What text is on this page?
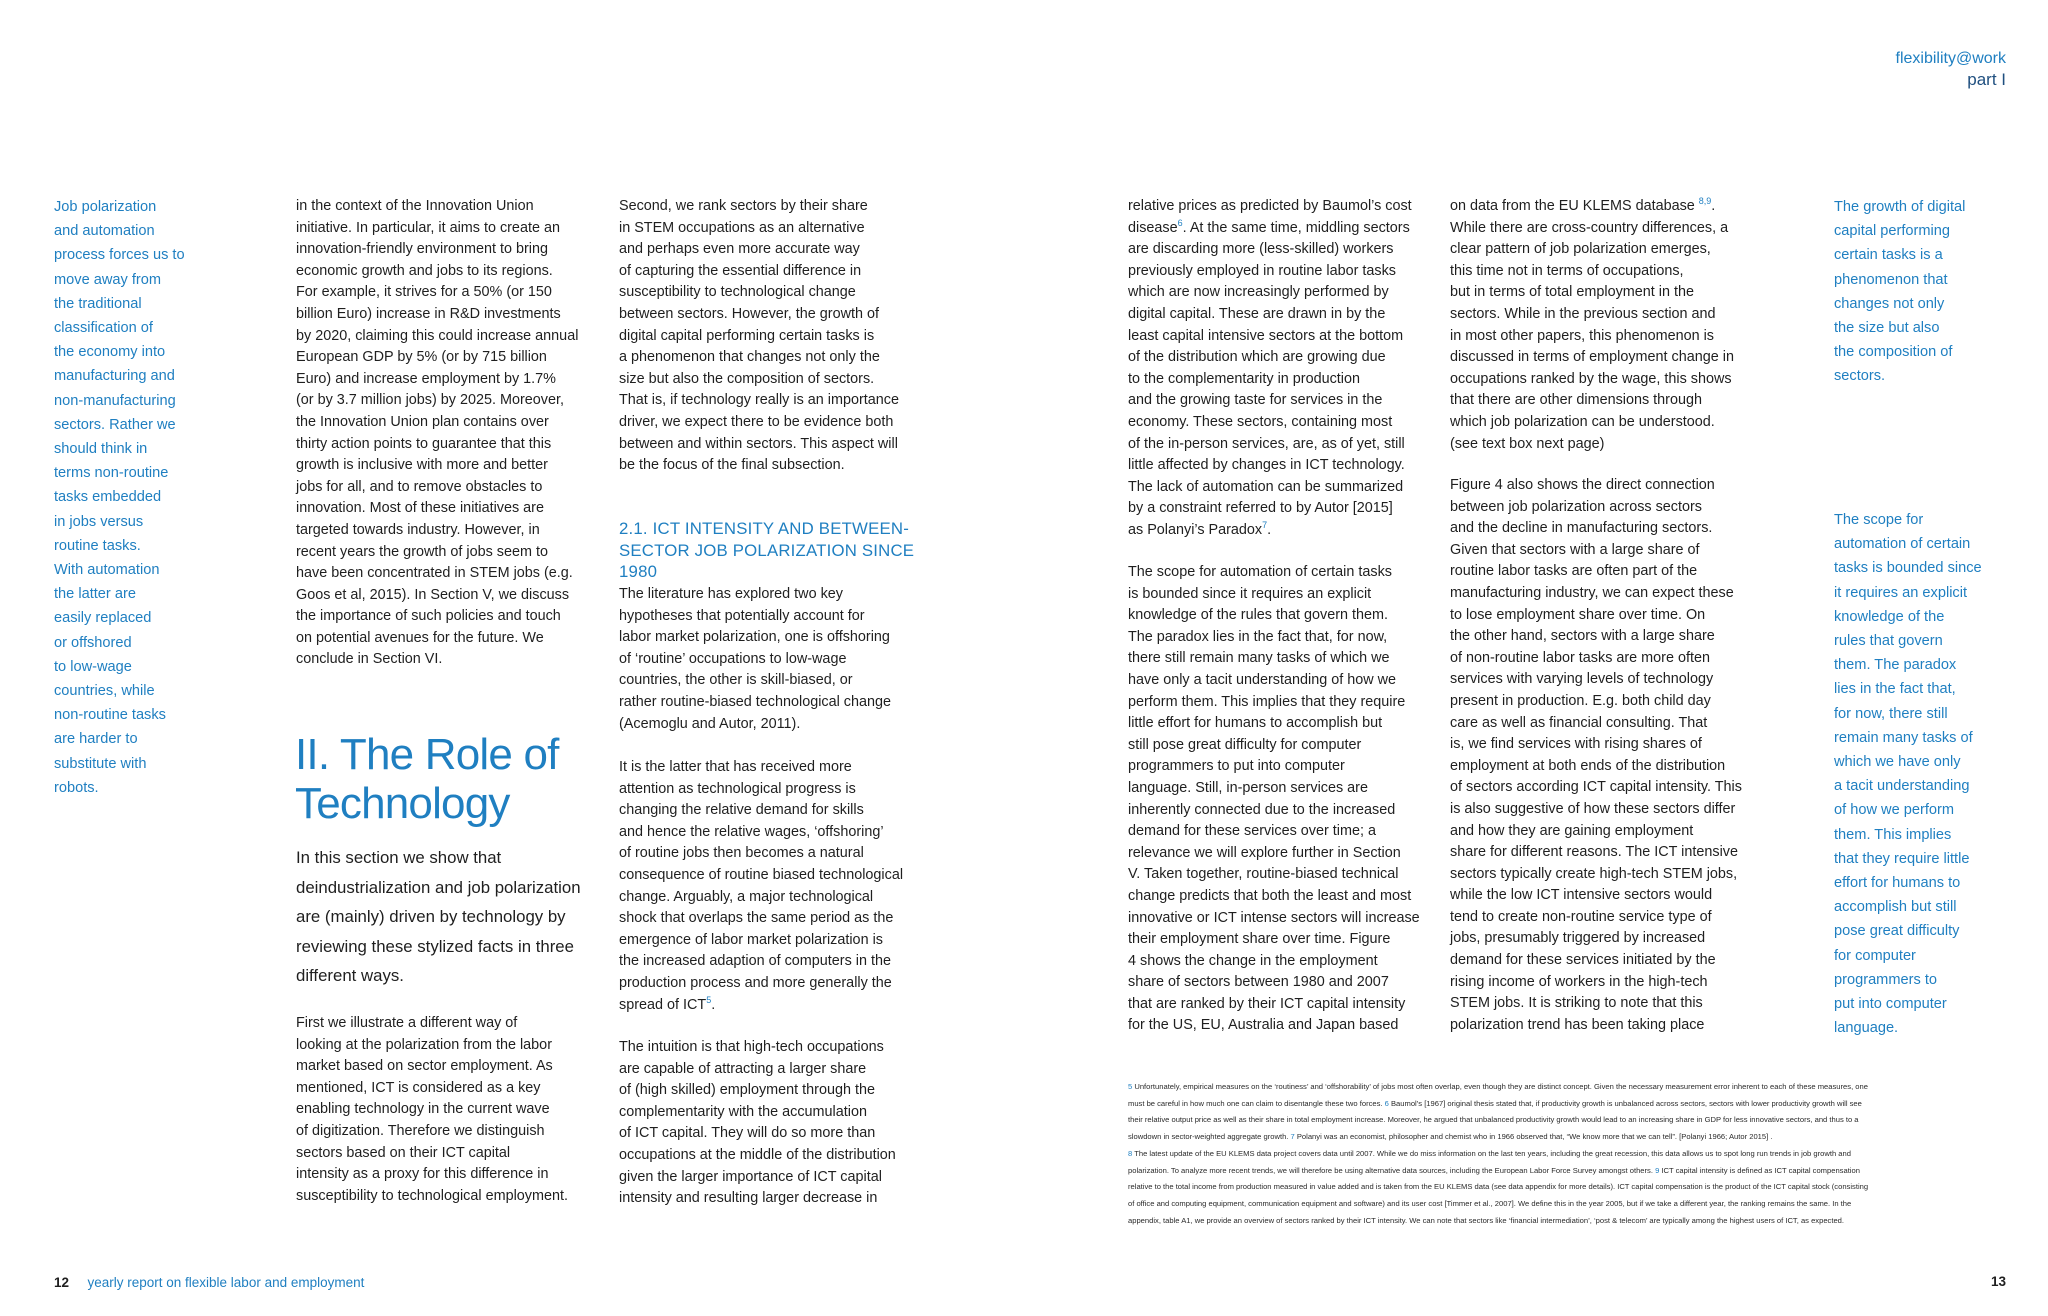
flexibility@work
part I
Job polarization
and automation
process forces us to
move away from
the traditional
classification of
the economy into
manufacturing and
non-manufacturing
sectors. Rather we
should think in
terms non-routine
tasks embedded
in jobs versus
routine tasks.
With automation
the latter are
easily replaced
or offshored
to low-wage
countries, while
non-routine tasks
are harder to
substitute with
robots.
in the context of the Innovation Union
initiative. In particular, it aims to create an
innovation-friendly environment to bring
economic growth and jobs to its regions.
For example, it strives for a 50% (or 150
billion Euro) increase in R&D investments
by 2020, claiming this could increase annual
European GDP by 5% (or by 715 billion
Euro) and increase employment by 1.7%
(or by 3.7 million jobs) by 2025. Moreover,
the Innovation Union plan contains over
thirty action points to guarantee that this
growth is inclusive with more and better
jobs for all, and to remove obstacles to
innovation. Most of these initiatives are
targeted towards industry. However, in
recent years the growth of jobs seem to
have been concentrated in STEM jobs (e.g.
Goos et al, 2015). In Section V, we discuss
the importance of such policies and touch
on potential avenues for the future. We
conclude in Section VI.
II. The Role of
Technology
In this section we show that
deindustrialization and job polarization
are (mainly) driven by technology by
reviewing these stylized facts in three
different ways.
First we illustrate a different way of
looking at the polarization from the labor
market based on sector employment. As
mentioned, ICT is considered as a key
enabling technology in the current wave
of digitization. Therefore we distinguish
sectors based on their ICT capital
intensity as a proxy for this difference in
susceptibility to technological employment.
Second, we rank sectors by their share
in STEM occupations as an alternative
and perhaps even more accurate way
of capturing the essential difference in
susceptibility to technological change
between sectors. However, the growth of
digital capital performing certain tasks is
a phenomenon that changes not only the
size but also the composition of sectors.
That is, if technology really is an importance
driver, we expect there to be evidence both
between and within sectors. This aspect will
be the focus of the final subsection.
2.1. ICT INTENSITY AND BETWEEN-
SECTOR JOB POLARIZATION SINCE
1980
The literature has explored two key
hypotheses that potentially account for
labor market polarization, one is offshoring
of ‘routine’ occupations to low-wage
countries, the other is skill-biased, or
rather routine-biased technological change
(Acemoglu and Autor, 2011).
It is the latter that has received more
attention as technological progress is
changing the relative demand for skills
and hence the relative wages, ‘offshoring’
of routine jobs then becomes a natural
consequence of routine biased technological
change. Arguably, a major technological
shock that overlaps the same period as the
emergence of labor market polarization is
the increased adaption of computers in the
production process and more generally the
spread of ICT$^5$.
The intuition is that high-tech occupations
are capable of attracting a larger share
of (high skilled) employment through the
complementarity with the accumulation
of ICT capital. They will do so more than
occupations at the middle of the distribution
given the larger importance of ICT capital
intensity and resulting larger decrease in
12 yearly report on flexible labor and employment
relative prices as predicted by Baumol’s cost
disease$^6$. At the same time, middling sectors
are discarding more (less-skilled) workers
previously employed in routine labor tasks
which are now increasingly performed by
digital capital. These are drawn in by the
least capital intensive sectors at the bottom
of the distribution which are growing due
to the complementarity in production
and the growing taste for services in the
economy. These sectors, containing most
of the in-person services, are, as of yet, still
little affected by changes in ICT technology.
The lack of automation can be summarized
by a constraint referred to by Autor [2015]
as Polanyi’s Paradox$^7$.
The scope for automation of certain tasks
is bounded since it requires an explicit
knowledge of the rules that govern them.
The paradox lies in the fact that, for now,
there still remain many tasks of which we
have only a tacit understanding of how we
perform them. This implies that they require
little effort for humans to accomplish but
still pose great difficulty for computer
programmers to put into computer
language. Still, in-person services are
inherently connected due to the increased
demand for these services over time; a
relevance we will explore further in Section
V. Taken together, routine-biased technical
change predicts that both the least and most
innovative or ICT intense sectors will increase
their employment share over time. Figure
4 shows the change in the employment
share of sectors between 1980 and 2007
that are ranked by their ICT capital intensity
for the US, EU, Australia and Japan based
on data from the EU KLEMS database $^{8,9}$.
While there are cross-country differences, a
clear pattern of job polarization emerges,
this time not in terms of occupations,
but in terms of total employment in the
sectors. While in the previous section and
in most other papers, this phenomenon is
discussed in terms of employment change in
occupations ranked by the wage, this shows
that there are other dimensions through
which job polarization can be understood.
(see text box next page)
Figure 4 also shows the direct connection
between job polarization across sectors
and the decline in manufacturing sectors.
Given that sectors with a large share of
routine labor tasks are often part of the
manufacturing industry, we can expect these
to lose employment share over time. On
the other hand, sectors with a large share
of non-routine labor tasks are more often
services with varying levels of technology
present in production. E.g. both child day
care as well as financial consulting. That
is, we find services with rising shares of
employment at both ends of the distribution
of sectors according ICT capital intensity. This
is also suggestive of how these sectors differ
and how they are gaining employment
share for different reasons. The ICT intensive
sectors typically create high-tech STEM jobs,
while the low ICT intensive sectors would
tend to create non-routine service type of
jobs, presumably triggered by increased
demand for these services initiated by the
rising income of workers in the high-tech
STEM jobs. It is striking to note that this
polarization trend has been taking place
The growth of digital
capital performing
certain tasks is a
phenomenon that
changes not only
the size but also
the composition of
sectors.
The scope for
automation of certain
tasks is bounded since
it requires an explicit
knowledge of the
rules that govern
them. The paradox
lies in the fact that,
for now, there still
remain many tasks of
which we have only
a tacit understanding
of how we perform
them. This implies
that they require little
effort for humans to
accomplish but still
pose great difficulty
for computer
programmers to
put into computer
language.
5 Unfortunately, empirical measures on the ‘routiness’ and ‘offshorability’ of jobs most often overlap, even though they are distinct concept. Given the necessary measurement error inherent to each of these measures, one
must be careful in how much one can claim to disentangle these two forces. 6 Baumol’s [1967] original thesis stated that, if productivity growth is unbalanced across sectors, sectors with lower productivity growth will see
their relative output price as well as their share in total employment increase. Moreover, he argued that unbalanced productivity growth would lead to an increasing share in GDP for less innovative sectors, and thus to a
slowdown in sector-weighted aggregate growth. 7 Polanyi was an economist, philosopher and chemist who in 1966 observed that, “We know more that we can tell”. [Polanyi 1966; Autor 2015] .
8 The latest update of the EU KLEMS data project covers data until 2007. While we do miss information on the last ten years, including the great recession, this data allows us to spot long run trends in job growth and
polarization. To analyze more recent trends, we will therefore be using alternative data sources, including the European Labor Force Survey amongst others. 9 ICT capital intensity is defined as ICT capital compensation
relative to the total income from production measured in value added and is taken from the EU KLEMS data (see data appendix for more details). ICT capital compensation is the product of the ICT capital stock (consisting
of office and computing equipment, communication equipment and software) and its user cost [Timmer et al., 2007]. We define this in the year 2005, but if we take a different year, the ranking remains the same. In the
appendix, table A1, we provide an overview of sectors ranked by their ICT intensity. We can note that sectors like ‘financial intermediation’, ‘post & telecom’ are typically among the highest users of ICT, as expected.
13
